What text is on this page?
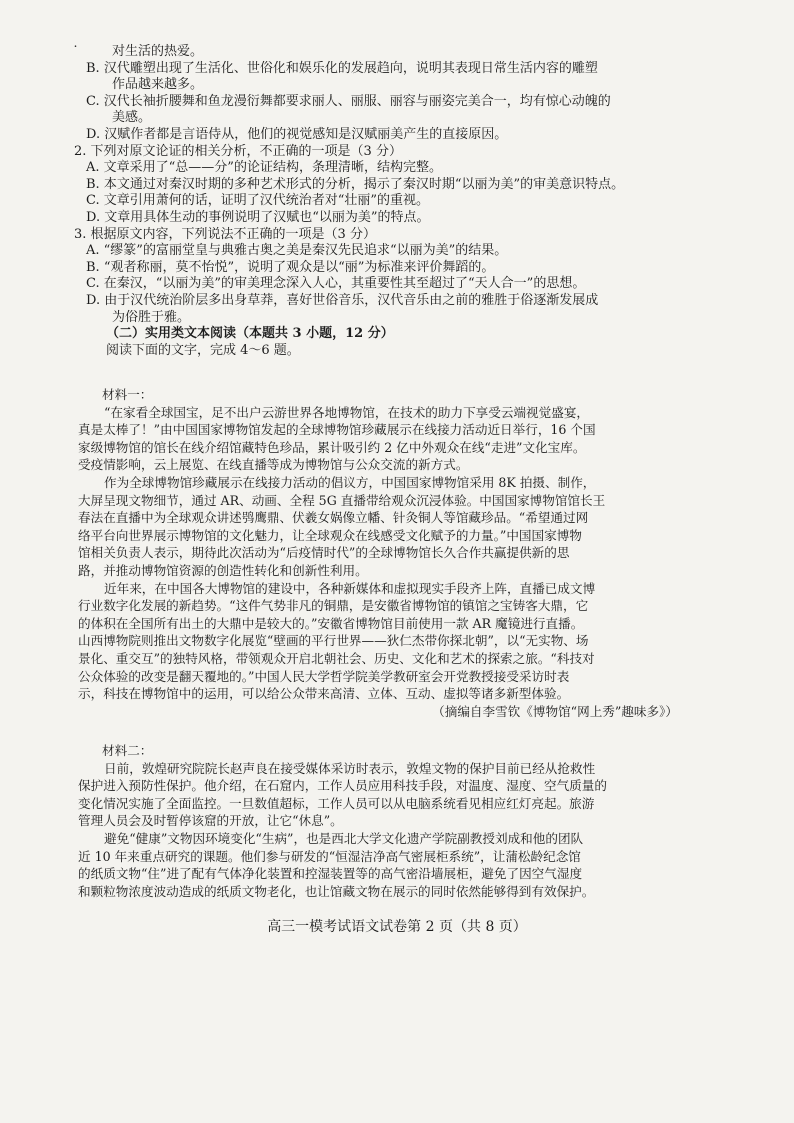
˙	对生活的热爱。
B. 汉代雕塑出现了生活化、世俗化和娱乐化的发展趋向，说明其表现日常生活内容的雕塑
作品越来越多。
C. 汉代长袖折腰舞和鱼龙漫衍舞都要求丽人、丽服、丽容与丽姿完美合一，均有惊心动魄的
美感。
D. 汉赋作者都是言语侍从，他们的视觉感知是汉赋丽美产生的直接原因。
2. 下列对原文论证的相关分析，不正确的一项是（3 分）
A. 文章采用了“总——分”的论证结构，条理清晰，结构完整。
B. 本文通过对秦汉时期的多种艺术形式的分析，揭示了秦汉时期“以丽为美”的审美意识特点。
C. 文章引用萧何的话，证明了汉代统治者对“壮丽”的重视。
D. 文章用具体生动的事例说明了汉赋也“以丽为美”的特点。
3. 根据原文内容，下列说法不正确的一项是（3 分）
A. “缪篆”的富丽堂皇与典雅古奥之美是秦汉先民追求“以丽为美”的结果。
B. “观者称丽，莫不怡悦”，说明了观众是以“丽”为标准来评价舞蹈的。
C. 在秦汉，“以丽为美”的审美理念深入人心，其重要性其至超过了“天人合一”的思想。
D. 由于汉代统治阶层多出身草莽，喜好世俗音乐，汉代音乐由之前的雅胜于俗逐渐发展成
为俗胜于雅。
（二）实用类文本阅读（本题共 3 小题，12 分）
阅读下面的文字，完成 4～6 题。
材料一：
“在家看全球国宝，足不出户云游世界各地博物馆，在技术的助力下享受云端视觉盛宴，
真是太棒了！”由中国国家博物馆发起的全球博物馆珍藏展示在线接力活动近日举行，16 个国
家级博物馆的馆长在线介绍馆藏特色珍品，累计吸引约 2 亿中外观众在线“走进”文化宝库。
受疫情影响，云上展览、在线直播等成为博物馆与公众交流的新方式。
作为全球博物馆珍藏展示在线接力活动的倡议方，中国国家博物馆采用 8K 拍摄、制作，
大屏呈现文物细节，通过 AR、动画、全程 5G 直播带给观众沉浸体验。中国国家博物馆馆长王
春法在直播中为全球观众讲述鸮鹰鼎、伏羲女娲像立幡、针灸铜人等馆藏珍品。“希望通过网
络平台向世界展示博物馆的文化魅力，让全球观众在线感受文化赋予的力量。”中国国家博物
馆相关负责人表示，期待此次活动为“后疫情时代”的全球博物馆长久合作共赢提供新的思
路，并推动博物馆资源的创造性转化和创新性利用。
近年来，在中国各大博物馆的建设中，各种新媒体和虚拟现实手段齐上阵，直播已成文博
行业数字化发展的新趋势。“这件气势非凡的铜鼎，是安徽省博物馆的镇馆之宝铸客大鼎，它
的体积在全国所有出土的大鼎中是较大的。”安徽省博物馆目前使用一款 AR 魔镜进行直播。
山西博物院则推出文物数字化展览“壁画的平行世界——狄仁杰带你探北朝”，以“无实物、场
景化、重交互”的独特风格，带领观众开启北朝社会、历史、文化和艺术的探索之旅。“科技对
公众体验的改变是翻天覆地的。”中国人民大学哲学院美学教研室会开党教授接受采访时表
示，科技在博物馆中的运用，可以给公众带来高清、立体、互动、虚拟等诸多新型体验。
（摘编自李雪钦《博物馆“网上秀”趣味多》）
材料二：
日前，敦煌研究院院长赵声良在接受媒体采访时表示，敦煌文物的保护目前已经从抢救性
保护进入预防性保护。他介绍，在石窟内，工作人员应用科技手段，对温度、湿度、空气质量的
变化情况实施了全面监控。一旦数值超标，工作人员可以从电脑系统看见相应红灯亮起。旅游
管理人员会及时暂停该窟的开放，让它“休息”。
避免“健康”文物因环境变化“生病”，也是西北大学文化遗产学院副教授刘成和他的团队
近 10 年来重点研究的课题。他们参与研发的“恒湿洁净高气密展柜系统”，让蒲松龄纪念馆
的纸质文物“住”进了配有气体净化装置和控湿装置等的高气密沿墙展柜，避免了因空气湿度
和颗粒物浓度波动造成的纸质文物老化，也让馆藏文物在展示的同时依然能够得到有效保护。
高三一模考试语文试卷第 2 页（共 8 页）
